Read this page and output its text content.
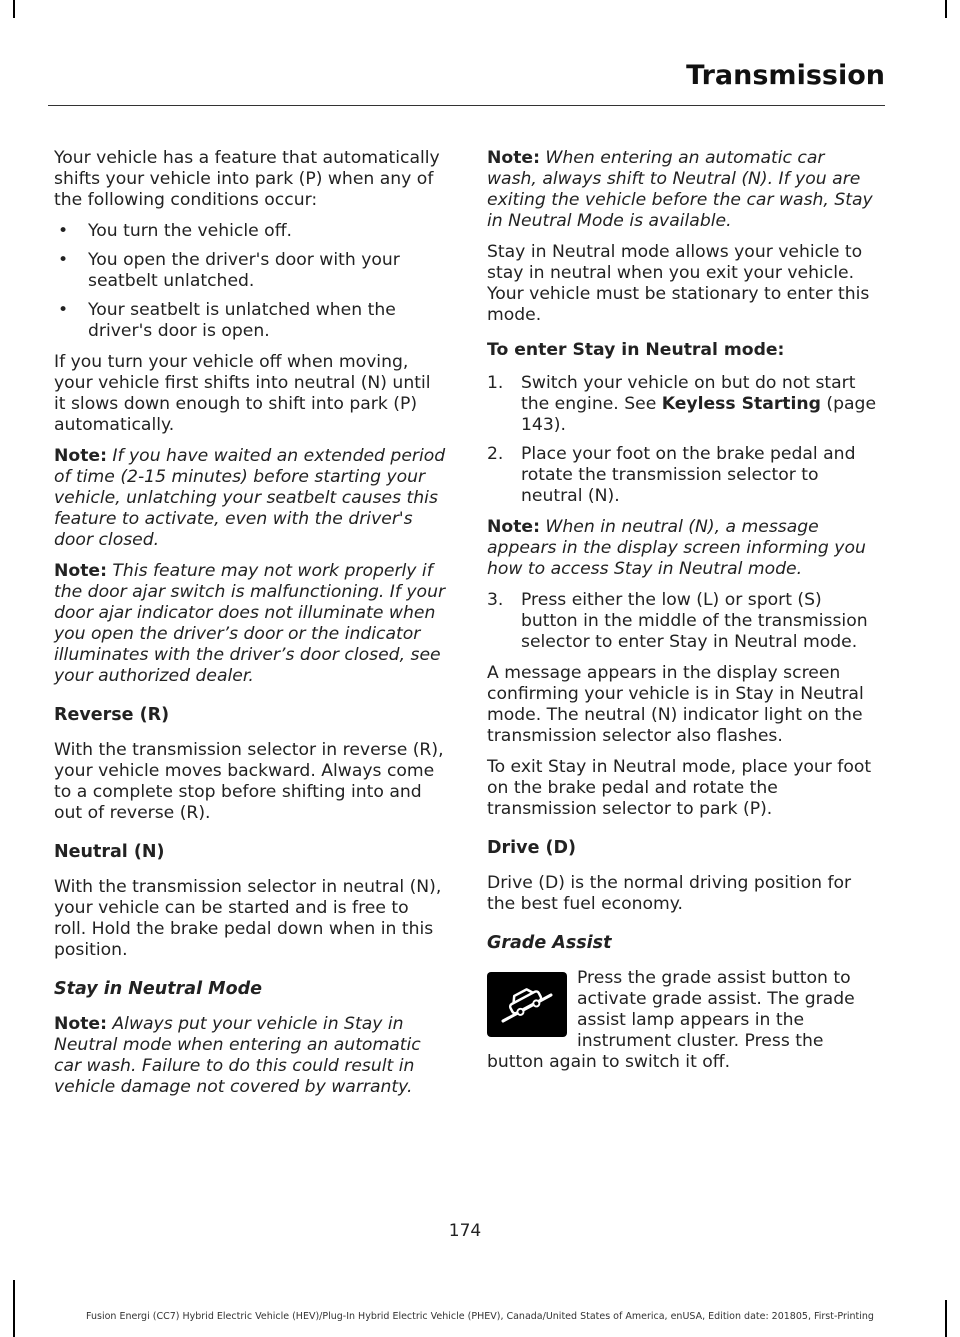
Transmission

Your vehicle has a feature that automatically shifts your vehicle into park (P) when any of the following conditions occur:

• You turn the vehicle off.
• You open the driver's door with your seatbelt unlatched.
• Your seatbelt is unlatched when the driver's door is open.

If you turn your vehicle off when moving, your vehicle first shifts into neutral (N) until it slows down enough to shift into park (P) automatically.

Note: If you have waited an extended period of time (2-15 minutes) before starting your vehicle, unlatching your seatbelt causes this feature to activate, even with the driver's door closed.

Note: This feature may not work properly if the door ajar switch is malfunctioning. If your door ajar indicator does not illuminate when you open the driver’s door or the indicator illuminates with the driver’s door closed, see your authorized dealer.

Reverse (R)

With the transmission selector in reverse (R), your vehicle moves backward. Always come to a complete stop before shifting into and out of reverse (R).

Neutral (N)

With the transmission selector in neutral (N), your vehicle can be started and is free to roll. Hold the brake pedal down when in this position.

Stay in Neutral Mode

Note: Always put your vehicle in Stay in Neutral mode when entering an automatic car wash. Failure to do this could result in vehicle damage not covered by warranty.

Note: When entering an automatic car wash, always shift to Neutral (N). If you are exiting the vehicle before the car wash, Stay in Neutral Mode is available.

Stay in Neutral mode allows your vehicle to stay in neutral when you exit your vehicle. Your vehicle must be stationary to enter this mode.

To enter Stay in Neutral mode:
1. Switch your vehicle on but do not start the engine. See Keyless Starting (page 143).
2. Place your foot on the brake pedal and rotate the transmission selector to neutral (N).

Note: When in neutral (N), a message appears in the display screen informing you how to access Stay in Neutral mode.

3. Press either the low (L) or sport (S) button in the middle of the transmission selector to enter Stay in Neutral mode.

A message appears in the display screen confirming your vehicle is in Stay in Neutral mode. The neutral (N) indicator light on the transmission selector also flashes.

To exit Stay in Neutral mode, place your foot on the brake pedal and rotate the transmission selector to park (P).

Drive (D)

Drive (D) is the normal driving position for the best fuel economy.

Grade Assist

Press the grade assist button to activate grade assist. The grade assist lamp appears in the instrument cluster. Press the button again to switch it off.

174
Fusion Energi (CC7) Hybrid Electric Vehicle (HEV)/Plug-In Hybrid Electric Vehicle (PHEV), Canada/United States of America, enUSA, Edition date: 201805, First-Printing
